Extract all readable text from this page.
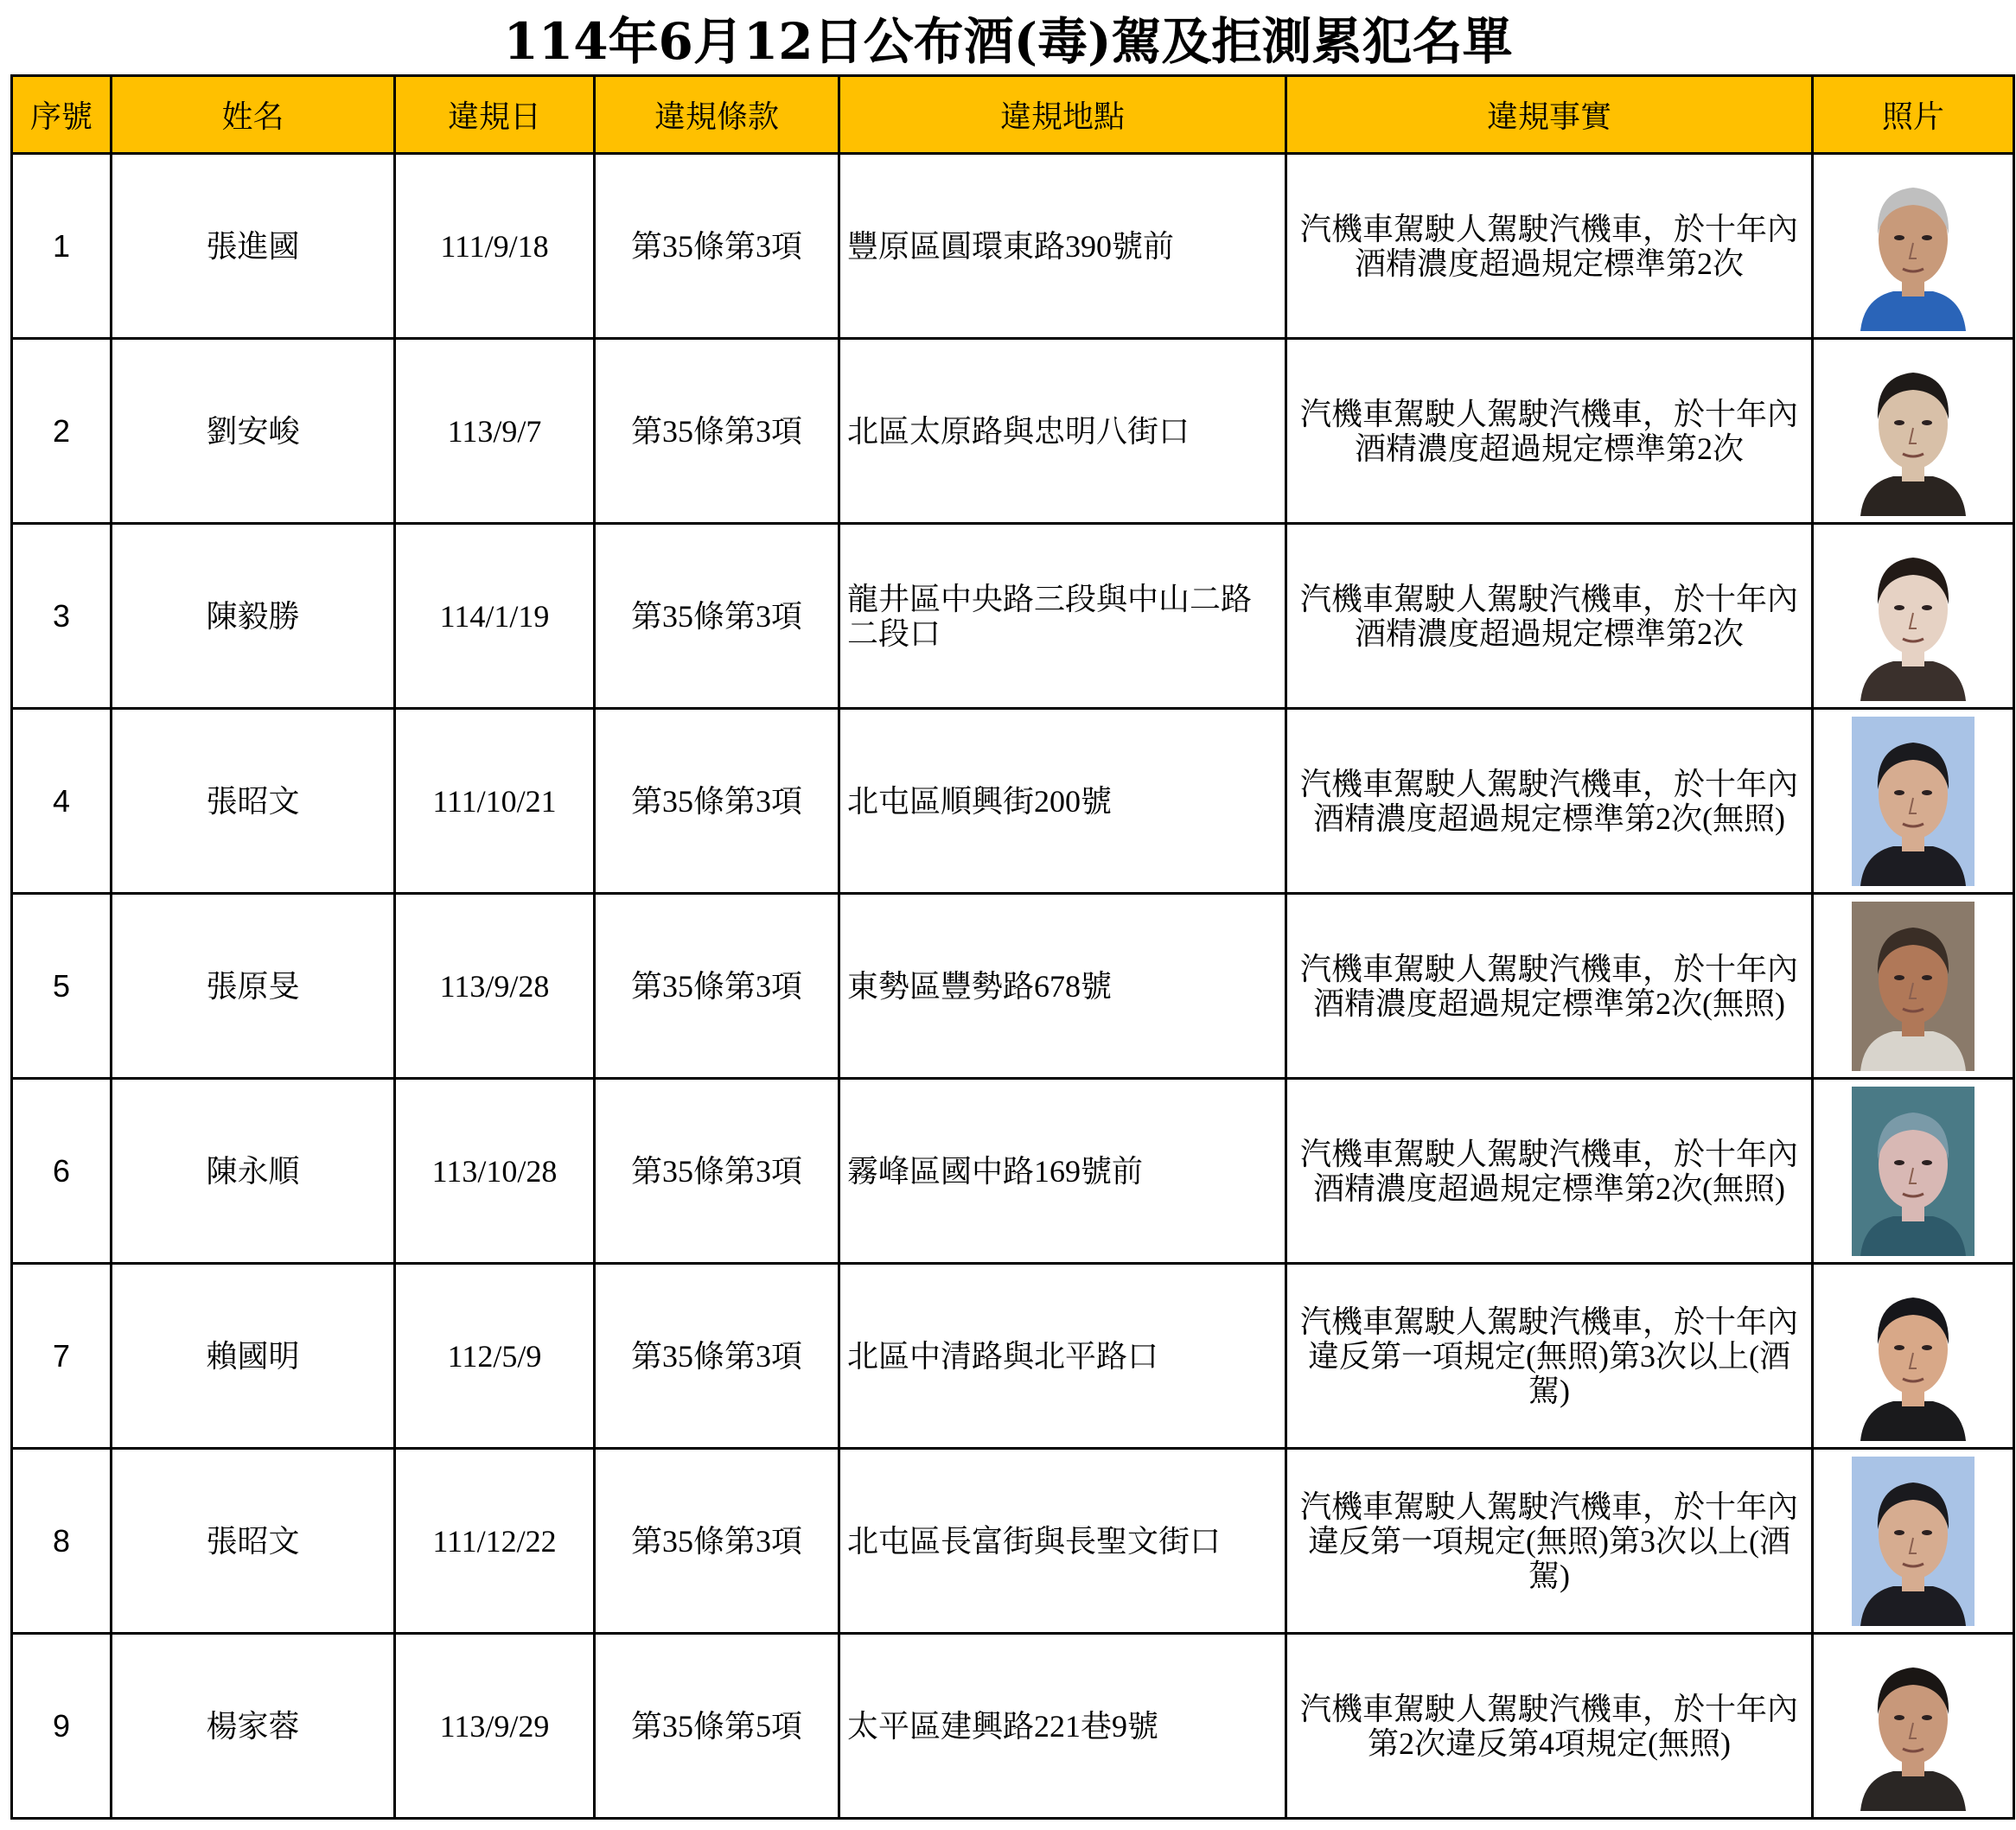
114年6月12日公布酒(毒)駕及拒測累犯名單
序號	姓名	違規日	違規條款	違規地點	違規事實	照片
1	張進國	111/9/18	第35條第3項	豐原區圓環東路390號前	汽機車駕駛人駕駛汽機車，於十年內酒精濃度超過規定標準第2次	

2	劉安峻	113/9/7	第35條第3項	北區太原路與忠明八街口	汽機車駕駛人駕駛汽機車，於十年內酒精濃度超過規定標準第2次	

3	陳毅勝	114/1/19	第35條第3項	龍井區中央路三段與中山二路二段口	汽機車駕駛人駕駛汽機車，於十年內酒精濃度超過規定標準第2次	

4	張昭文	111/10/21	第35條第3項	北屯區順興街200號	汽機車駕駛人駕駛汽機車，於十年內酒精濃度超過規定標準第2次(無照)	

5	張原旻	113/9/28	第35條第3項	東勢區豐勢路678號	汽機車駕駛人駕駛汽機車，於十年內酒精濃度超過規定標準第2次(無照)	

6	陳永順	113/10/28	第35條第3項	霧峰區國中路169號前	汽機車駕駛人駕駛汽機車，於十年內酒精濃度超過規定標準第2次(無照)	

7	賴國明	112/5/9	第35條第3項	北區中清路與北平路口	汽機車駕駛人駕駛汽機車，於十年內違反第一項規定(無照)第3次以上(酒駕)	

8	張昭文	111/12/22	第35條第3項	北屯區長富街與長聖文街口	汽機車駕駛人駕駛汽機車，於十年內違反第一項規定(無照)第3次以上(酒駕)	

9	楊家蓉	113/9/29	第35條第5項	太平區建興路221巷9號	汽機車駕駛人駕駛汽機車，於十年內第2次違反第4項規定(無照)	
